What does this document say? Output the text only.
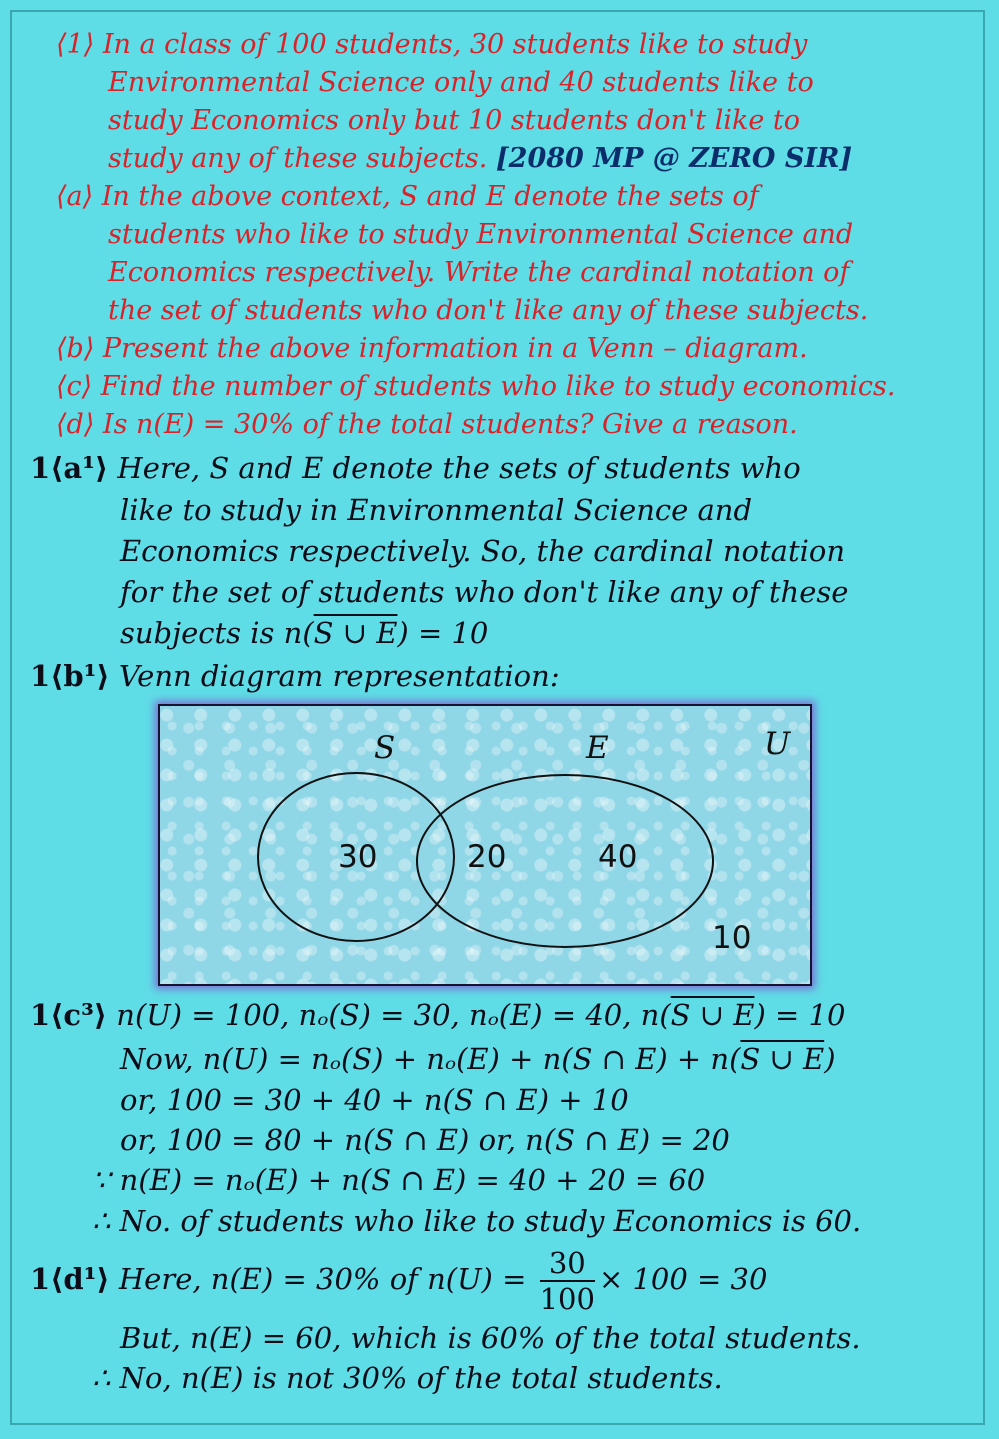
⟨1⟩ In a class of 100 students, 30 students like to study
Environmental Science only and 40 students like to
study Economics only but 10 students don't like to
study any of these subjects. [2080 MP @ ZERO SIR]
⟨a⟩ In the above context, S and E denote the sets of
students who like to study Environmental Science and
Economics respectively. Write the cardinal notation of
the set of students who don't like any of these subjects.
⟨b⟩ Present the above information in a Venn – diagram.
⟨c⟩ Find the number of students who like to study economics.
⟨d⟩ Is n(E) = 30% of the total students? Give a reason.
1⟨a¹⟩ Here, S and E denote the sets of students who
like to study in Environmental Science and
Economics respectively. So, the cardinal notation
for the set of students who don't like any of these
subjects is n(S ∪ E) = 10
1⟨b¹⟩ Venn diagram representation:
S	E	U
30	20	40
10
1⟨c³⟩ n(U) = 100, nₒ(S) = 30, nₒ(E) = 40, n(S ∪ E) = 10
Now, n(U) = nₒ(S) + nₒ(E) + n(S ∩ E) + n(S ∪ E)
or, 100 = 30 + 40 + n(S ∩ E) + 10
or, 100 = 80 + n(S ∩ E) or, n(S ∩ E) = 20
∵ n(E) = nₒ(E) + n(S ∩ E) = 40 + 20 = 60
∴ No. of students who like to study Economics is 60.
1⟨d¹⟩ Here, n(E) = 30% of $n(U) = \frac{30}{100} \times 100 = 30$
But, n(E) = 60, which is 60% of the total students.
∴ No, n(E) is not 30% of the total students.
